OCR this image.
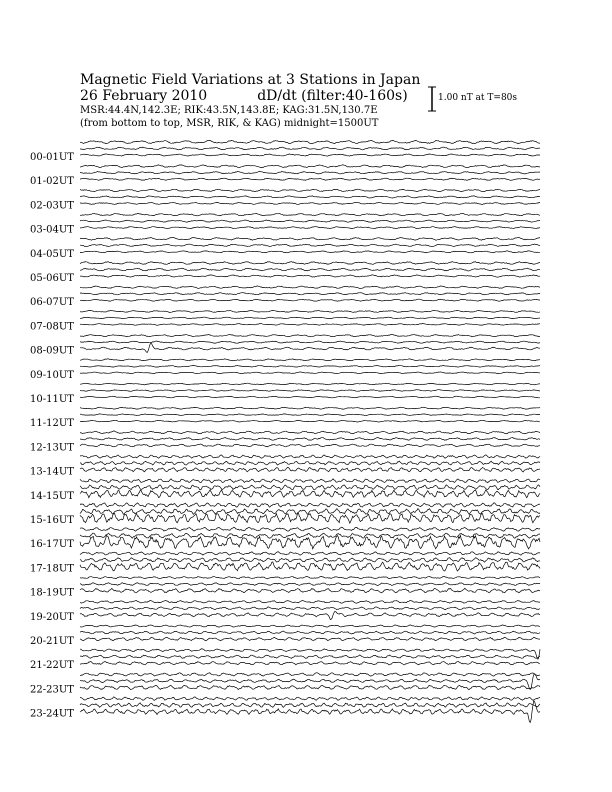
00-01UT
01-02UT
02-03UT
03-04UT
04-05UT
05-06UT
06-07UT
07-08UT
08-09UT
09-10UT
10-11UT
11-12UT
12-13UT
13-14UT
14-15UT
15-16UT
16-17UT
17-18UT
18-19UT
19-20UT
20-21UT
21-22UT
22-23UT
23-24UT
Magnetic Field Variations at 3 Stations in Japan
26 February 2010	dD/dt (filter:40-160s)
MSR:44.4N,142.3E; RIK:43.5N,143.8E; KAG:31.5N,130.7E
(from bottom to top, MSR, RIK, & KAG) midnight=1500UT
1.00 nT at T=80s
